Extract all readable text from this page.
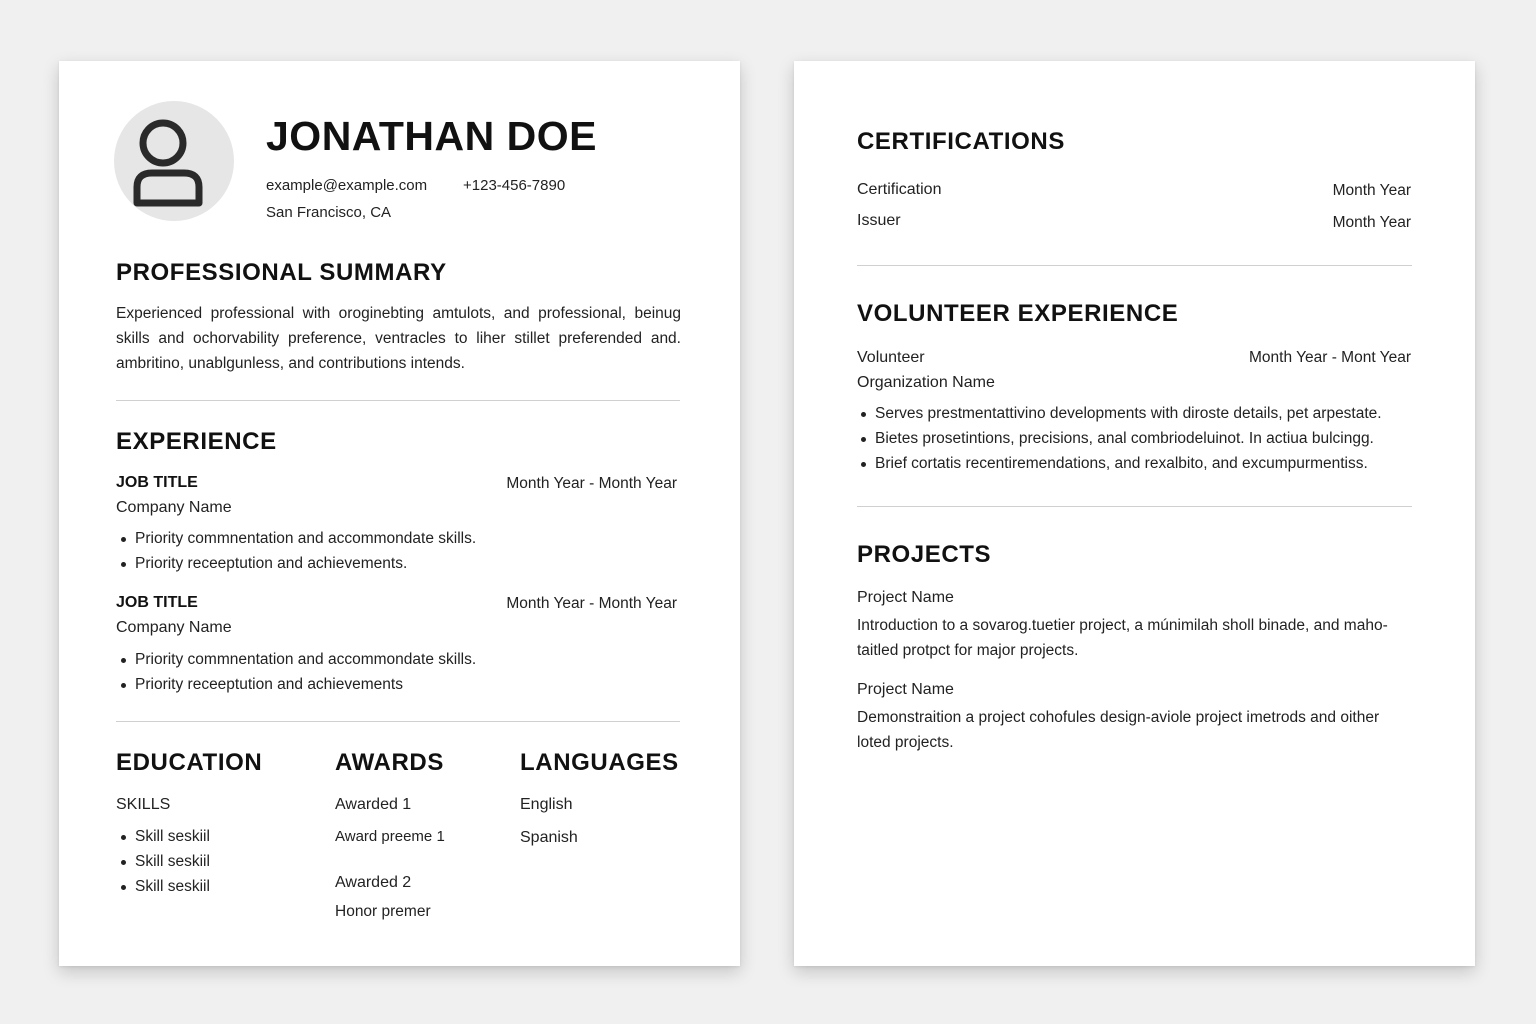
JONATHAN DOE
example@example.com +123-456-7890
San Francisco, CA
PROFESSIONAL SUMMARY
Experienced professional with oroginebting amtulots, and professional, beinug skills and ochorvability preference, ventracles to liher stillet preferended and. ambritino, unablgunless, and contributions intends.
EXPERIENCE
JOB TITLE	Month Year - Month Year
Company Name
Priority commnentation and accommondate skills.
Priority receeptution and achievements.
JOB TITLE	Month Year - Month Year
Company Name
Priority commnentation and accommondate skills.
Priority receeptution and achievements
EDUCATION
SKILLS
Skill seskiil
Skill seskiil
Skill seskiil
AWARDS
Awarded 1
Award preeme 1
Awarded 2
Honor premer
LANGUAGES
English
Spanish
CERTIFICATIONS
Certification	Month Year
Issuer	Month Year
VOLUNTEER EXPERIENCE
Volunteer	Month Year - Mont Year
Organization Name
Serves prestmentattivino developments with diroste details, pet arpestate.
Bietes prosetintions, precisions, anal combriodeluinot. In actiua bulcingg.
Brief cortatis recentiremendations, and rexalbito, and excumpurmentiss.
PROJECTS
Project Name
Introduction to a sovarog.tuetier project, a múnimilah sholl binade, and maho-taitled protpct for major projects.
Project Name
Demonstraition a project cohofules design-aviole project imetrods and oither loted projects.
